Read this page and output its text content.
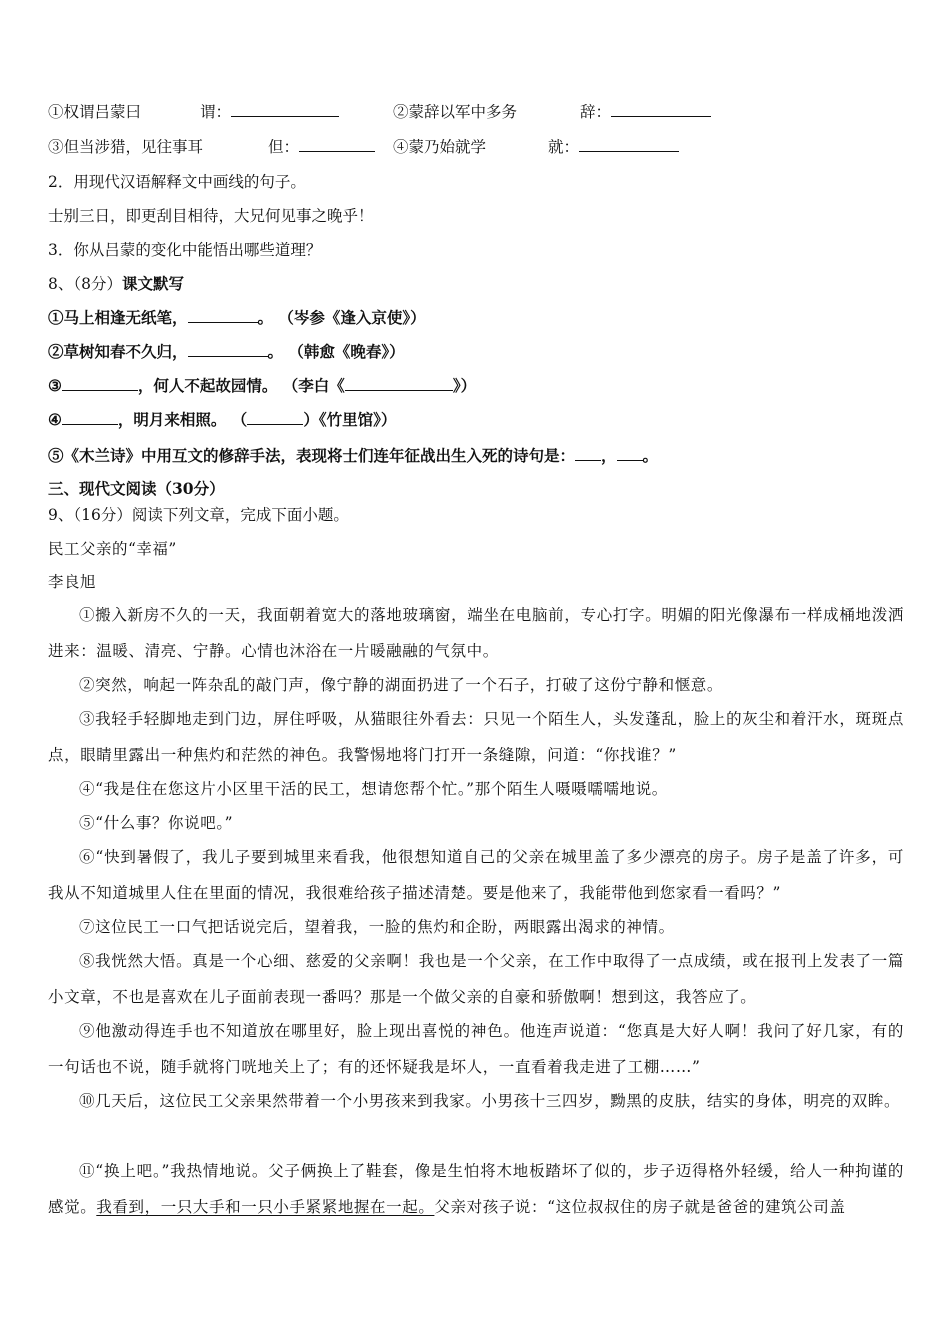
①权谓吕蒙曰	谓：	②蒙辞以军中多务	辞：
③但当涉猎，见往事耳	但：	④蒙乃始就学	就：
2．用现代汉语解释文中画线的句子。
士别三日，即更刮目相待，大兄何见事之晚乎！
3．你从吕蒙的变化中能悟出哪些道理？
8、（8分）课文默写
①马上相逢无纸笔，	。 （岑参《逢入京使》）
②草树知春不久归，	。 （韩愈《晚春》）
③	，何人不起故园情。 （李白《	》）
④	，明月来相照。 （	）《竹里馆》）
⑤《木兰诗》中用互文的修辞手法，表现将士们连年征战出生入死的诗句是： ， 。
三、现代文阅读（30分）
9、（16分）阅读下列文章，完成下面小题。
民工父亲的“幸福”
李良旭
①搬入新房不久的一天，我面朝着宽大的落地玻璃窗，端坐在电脑前，专心打字。明媚的阳光像瀑布一样成桶地泼洒进来：温暖、清亮、宁静。心情也沐浴在一片暖融融的气氛中。
②突然，响起一阵杂乱的敲门声，像宁静的湖面扔进了一个石子，打破了这份宁静和惬意。
③我轻手轻脚地走到门边，屏住呼吸，从猫眼往外看去：只见一个陌生人，头发蓬乱，脸上的灰尘和着汗水，斑斑点点，眼睛里露出一种焦灼和茫然的神色。我警惕地将门打开一条缝隙，问道：“你找谁？”
④“我是住在您这片小区里干活的民工，想请您帮个忙。”那个陌生人嗫嗫嚅嚅地说。
⑤“什么事？你说吧。”
⑥“快到暑假了，我儿子要到城里来看我，他很想知道自己的父亲在城里盖了多少漂亮的房子。房子是盖了许多，可我从不知道城里人住在里面的情况，我很难给孩子描述清楚。要是他来了，我能带他到您家看一看吗？”
⑦这位民工一口气把话说完后，望着我，一脸的焦灼和企盼，两眼露出渴求的神情。
⑧我恍然大悟。真是一个心细、慈爱的父亲啊！我也是一个父亲，在工作中取得了一点成绩，或在报刊上发表了一篇小文章，不也是喜欢在儿子面前表现一番吗？那是一个做父亲的自豪和骄傲啊！想到这，我答应了。
⑨他激动得连手也不知道放在哪里好，脸上现出喜悦的神色。他连声说道：“您真是大好人啊！我问了好几家，有的一句话也不说，随手就将门咣地关上了；有的还怀疑我是坏人，一直看着我走进了工棚……”
⑩几天后，这位民工父亲果然带着一个小男孩来到我家。小男孩十三四岁，黝黑的皮肤，结实的身体，明亮的双眸。
⑪“换上吧。”我热情地说。父子俩换上了鞋套，像是生怕将木地板踏坏了似的，步子迈得格外轻缓，给人一种拘谨的感觉。我看到，一只大手和一只小手紧紧地握在一起。父亲对孩子说：“这位叔叔住的房子就是爸爸的建筑公司盖
